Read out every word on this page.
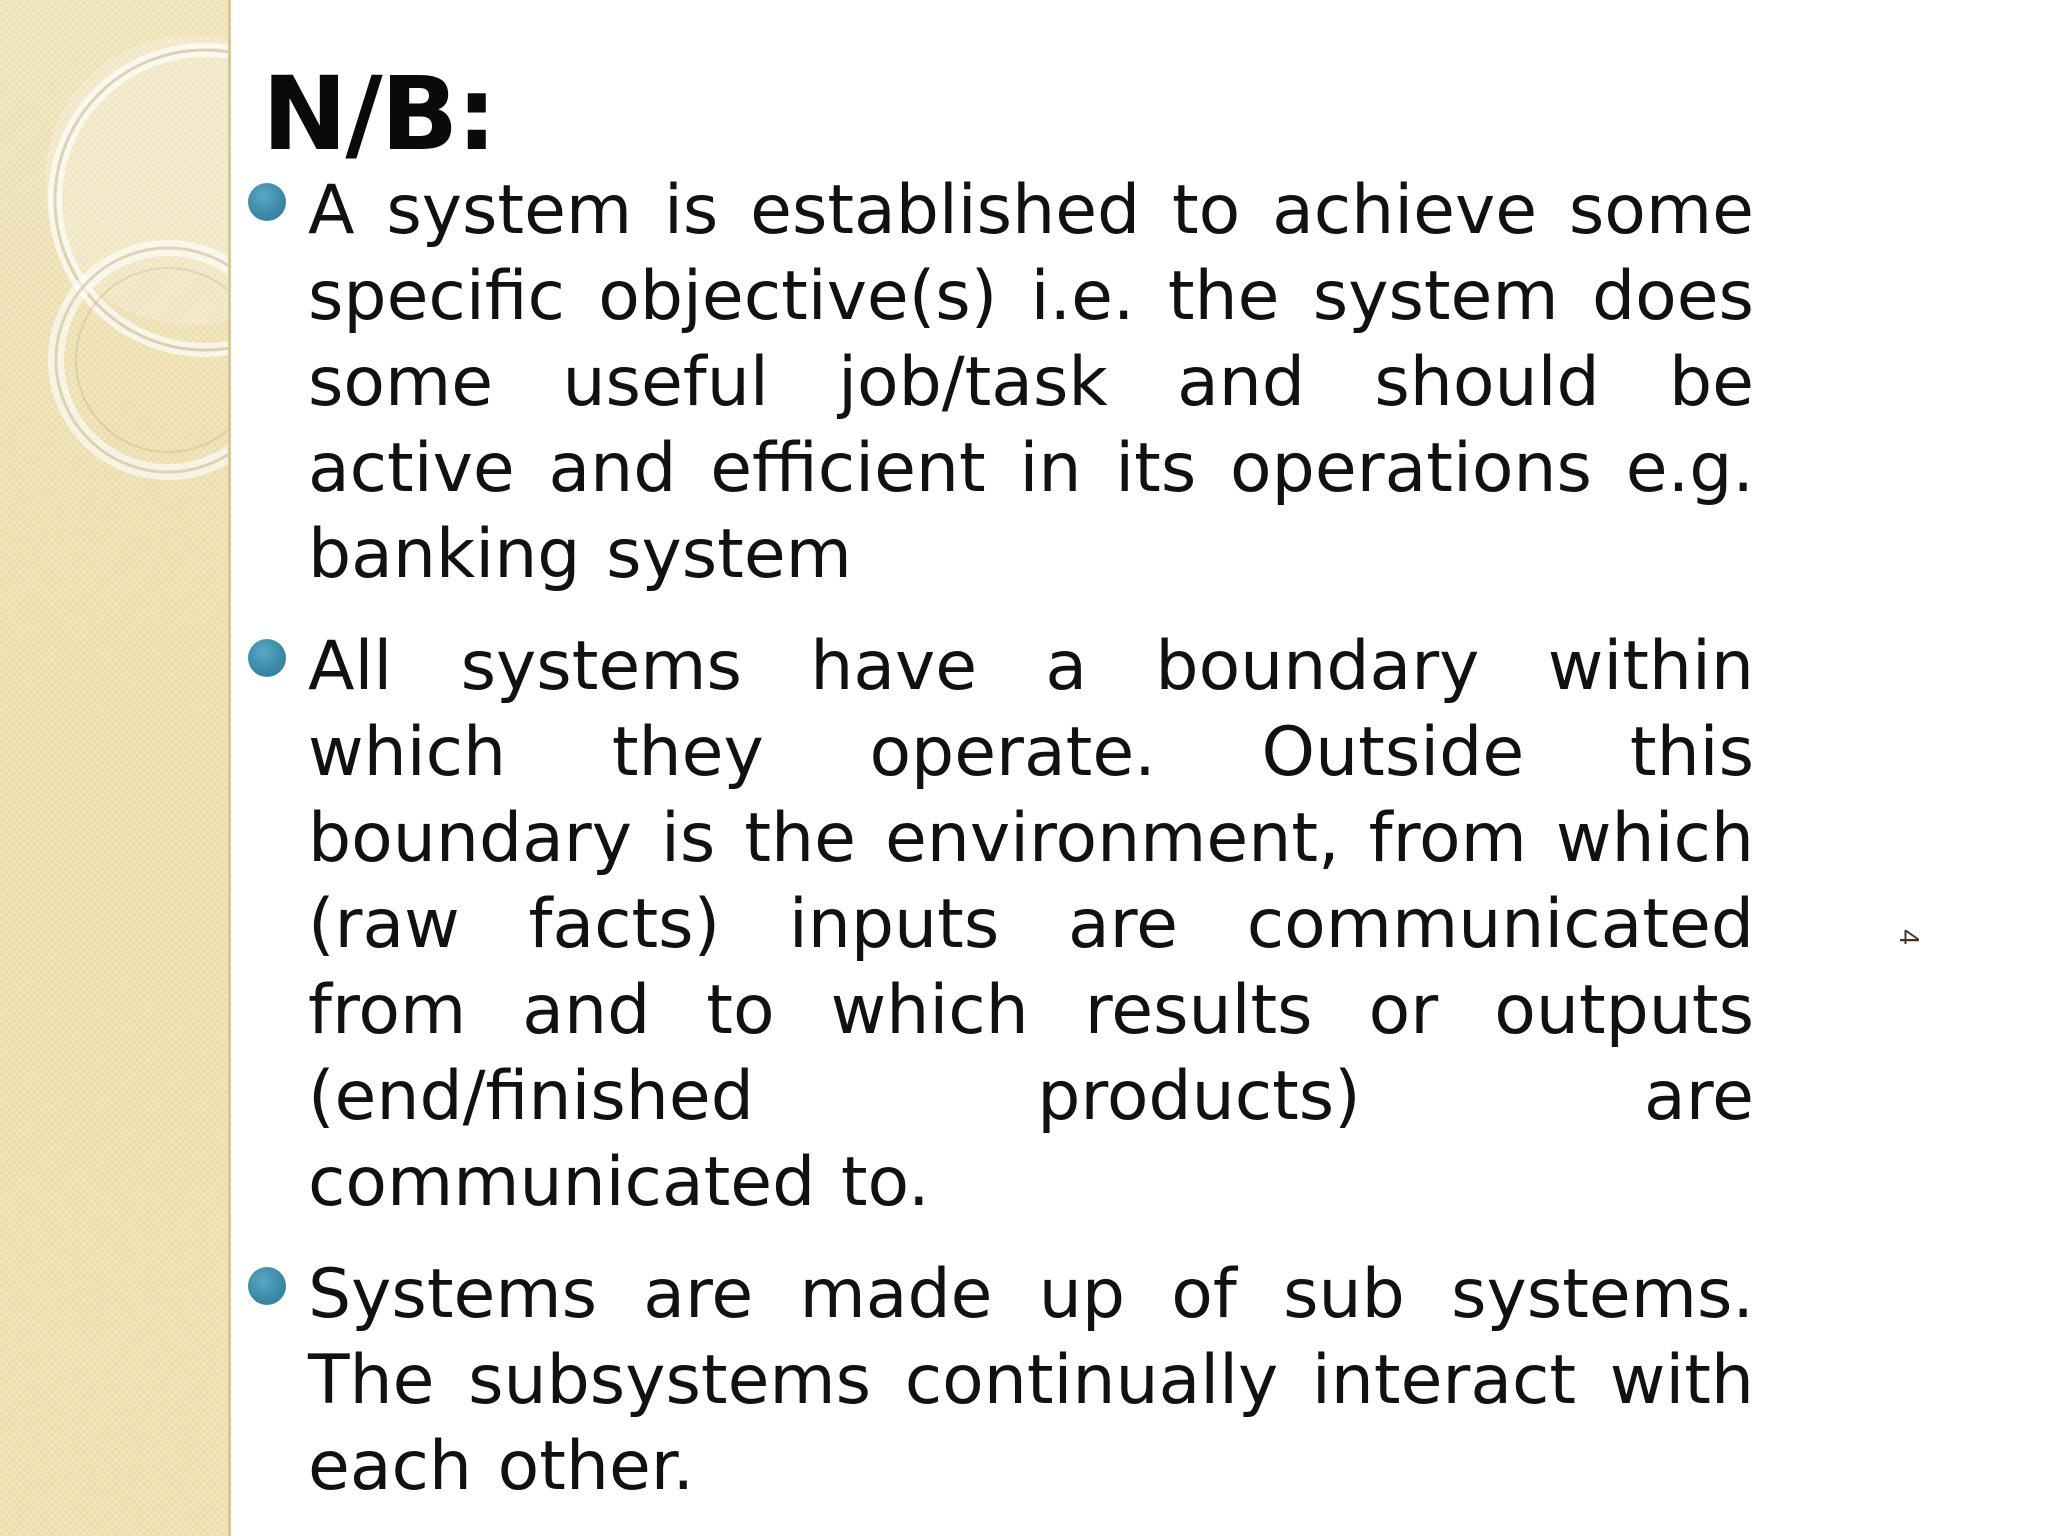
N/B:

A system is established to achieve some specific objective(s) i.e. the system does some useful job/task and should be active and efficient in its operations e.g. banking system

All systems have a boundary within which they operate. Outside this boundary is the environment, from which (raw facts) inputs are communicated from and to which results or outputs (end/finished products) are communicated to.

Systems are made up of sub systems. The subsystems continually interact with each other.

4
